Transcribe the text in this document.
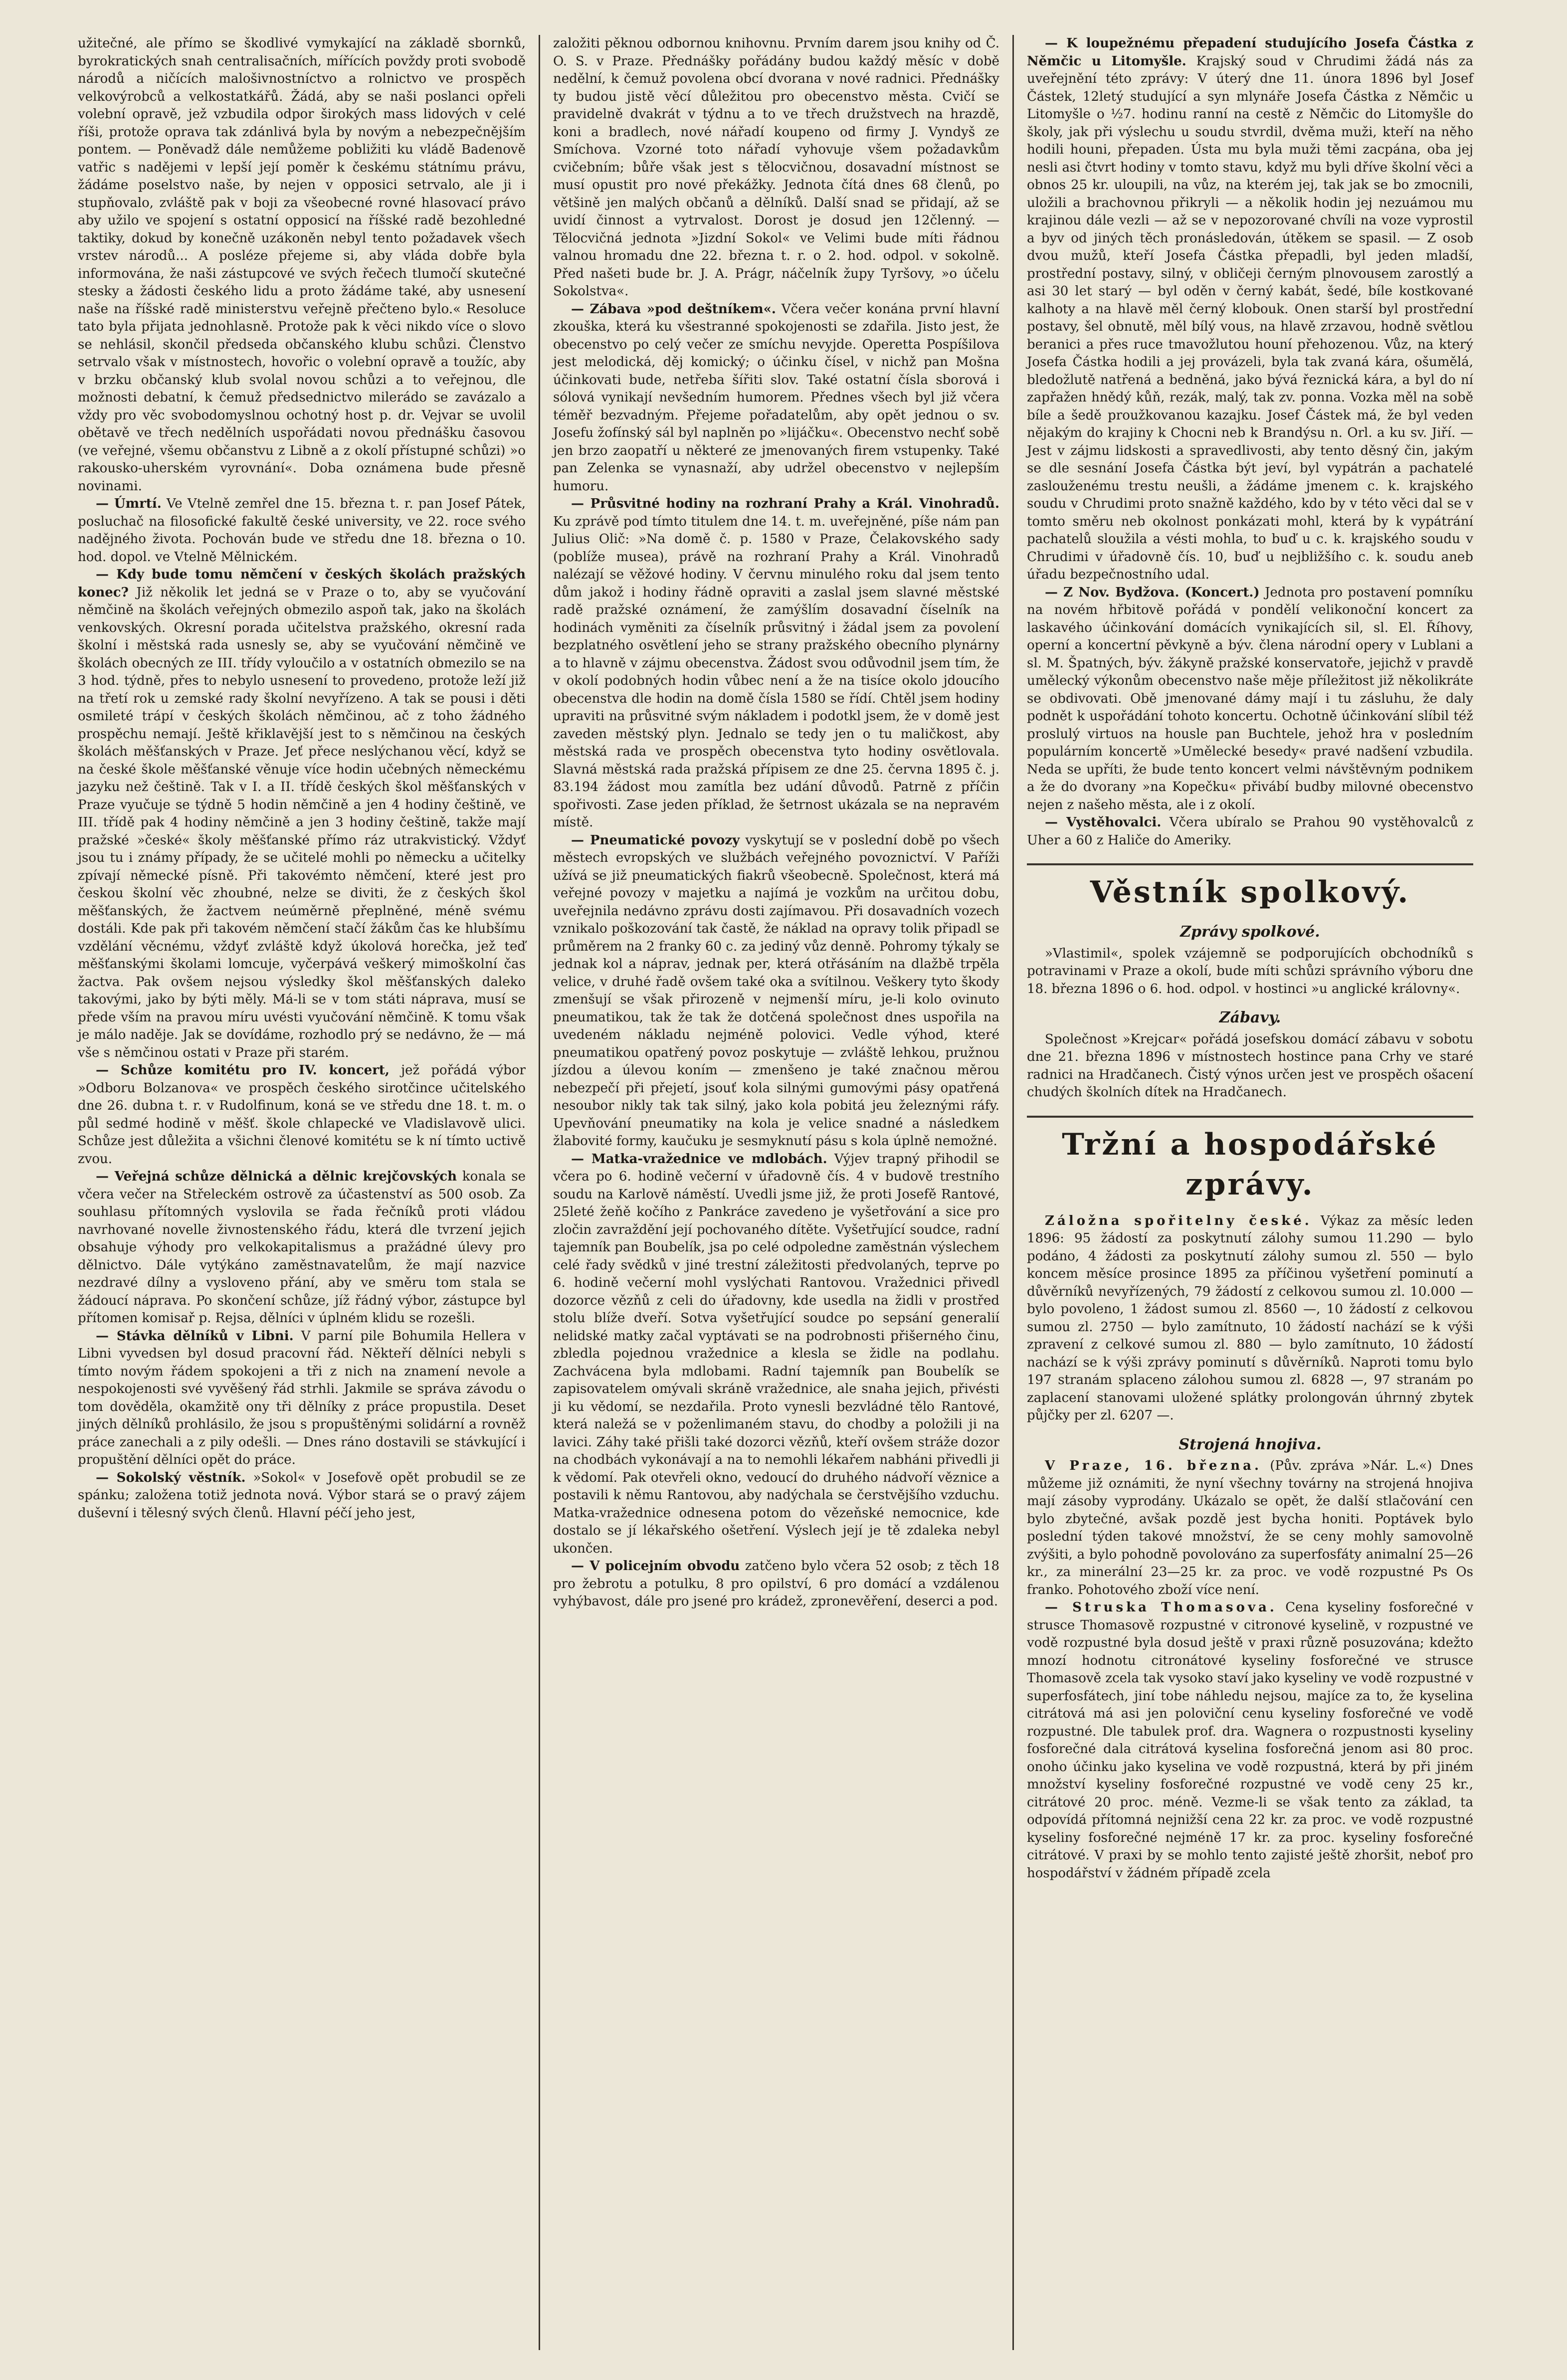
užitečné, ale přímo se škodlivé vymykající na základě sbornků, byrokratických snah centralisačních, mířících povždy proti svobodě národů a ničících malošivnostníctvo a rolnictvo ve prospěch velkovýrobců a velkostatkářů. Žádá, aby se naši poslanci opřeli volební opravě, jež vzbudila odpor širokých mass lidových v celé říši, protože oprava tak zdánlivá byla by novým a nebezpečnějším pontem. — Poněvadž dále nemůžeme pobližiti ku vládě Badenově vatřic s nadějemi v lepší její poměr k českému státnímu právu, žádáme poselstvo naše, by nejen v opposici setrvalo, ale ji i stupňovalo, zvláště pak v boji za všeobecné rovné hlasovací právo aby užilo ve spojení s ostatní opposicí na říšské radě bezohledné taktiky, dokud by konečně uzákoněn nebyl tento požadavek všech vrstev národů... A posléze přejeme si, aby vláda dobře byla informována, že naši zástupcové ve svých řečech tlumočí skutečné stesky a žádosti českého lidu a proto žádáme také, aby usnesení naše na říšské radě ministerstvu veřejně přečteno bylo.« Resoluce tato byla přijata jednohlasně. Protože pak k věci nikdo více o slovo se nehlásil, skončil předseda občanského klubu schůzi. Členstvo setrvalo však v místnostech, hovořic o volební opravě a toužíc, aby v brzku občanský klub svolal novou schůzi a to veřejnou, dle možnosti debatní, k čemuž předsednictvo milerádo se zavázalo a vždy pro věc svobodomyslnou ochotný host p. dr. Vejvar se uvolil obětavě ve třech nedělních uspořádati novou přednášku časovou (ve veřejné, všemu občanstvu z Libně a z okolí přístupné schůzi) »o rakousko-uherském vyrovnání«. Doba oznámena bude přesně novinami.

— Úmrtí. Ve Vtelně zemřel dne 15. března t. r. pan Josef Pátek, posluchač na filosofické fakultě české university, ve 22. roce svého nadějného života. Pochován bude ve středu dne 18. března o 10. hod. dopol. ve Vtelně Mělnickém.

— Kdy bude tomu němčení v českých školách pražských konec? Již několik let jedná se v Praze o to, aby se vyučování němčině na školách veřejných obmezilo aspoň tak, jako na školách venkovských. Okresní porada učitelstva pražského, okresní rada školní i městská rada usnesly se, aby se vyučování němčině ve školách obecných ze III. třídy vyloučilo a v ostatních obmezilo se na 3 hod. týdně, přes to nebylo usnesení to provedeno, protože leží již na třetí rok u zemské rady školní nevyřízeno. A tak se pousi i děti osmileté trápí v českých školách němčinou, ač z toho žádného prospěchu nemají. Ještě křiklavější jest to s němčinou na českých školách měšťanských v Praze. Jeť přece neslýchanou věcí, když se na české škole měšťanské věnuje více hodin učebných německému jazyku než češtině. Tak v I. a II. třídě českých škol měšťanských v Praze vyučuje se týdně 5 hodin němčině a jen 4 hodiny češtině, ve III. třídě pak 4 hodiny němčině a jen 3 hodiny češtině, takže mají pražské »české« školy měšťanské přímo ráz utrakvistický. Vždyť jsou tu i známy případy, že se učitelé mohli po německu a učitelky zpívají německé písně. Při takovémto němčení, které jest pro českou školní věc zhoubné, nelze se diviti, že z českých škol měšťanských, že žactvem neúměrně přeplněné, méně svému dostáli. Kde pak při takovém němčení stačí žákům čas ke hlubšímu vzdělání věcnému, vždyť zvláště když úkolová horečka, jež teď měšťanskými školami lomcuje, vyčerpává veškerý mimoškolní čas žactva. Pak ovšem nejsou výsledky škol měšťanských daleko takovými, jako by býti měly. Má-li se v tom státi náprava, musí se přede vším na pravou míru uvésti vyučování němčině. K tomu však je málo naděje. Jak se dovídáme, rozhodlo prý se nedávno, že — má vše s němčinou ostati v Praze při starém.

— Schůze komitétu pro IV. koncert, jež pořádá výbor »Odboru Bolzanova« ve prospěch českého sirotčince učitelského dne 26. dubna t. r. v Rudolfinum, koná se ve středu dne 18. t. m. o půl sedmé hodině v měšť. škole chlapecké ve Vladislavově ulici. Schůze jest důležita a všichni členové komitétu se k ní tímto uctivě zvou.

— Veřejná schůze dělnická a dělnic krejčovských konala se včera večer na Střeleckém ostrově za účastenství as 500 osob. Za souhlasu přítomných vyslovila se řada řečníků proti vládou navrhované novelle živnostenského řádu, která dle tvrzení jejich obsahuje výhody pro velkokapitalismus a pražádné úlevy pro dělnictvo. Dále vytýkáno zaměstnavatelům, že mají nazvice nezdravé dílny a vysloveno přání, aby ve směru tom stala se žádoucí náprava. Po skončení schůze, jíž řádný výbor, zástupce byl přítomen komisař p. Rejsa, dělníci v úplném klidu se rozešli.

— Stávka dělníků v Libni. V parní pile Bohumila Hellera v Libni vyvedsen byl dosud pracovní řád. Někteří dělníci nebyli s tímto novým řádem spokojeni a tři z nich na znamení nevole a nespokojenosti své vyvěšený řád strhli. Jakmile se správa závodu o tom dověděla, okamžitě ony tři dělníky z práce propustila. Deset jiných dělníků prohlásilo, že jsou s propuštěnými solidární a rovněž práce zanechali a z pily odešli. — Dnes ráno dostavili se stávkující i propuštění dělníci opět do práce.

— Sokolský věstník. »Sokol« v Josefově opět probudil se ze spánku; založena totiž jednota nová. Výbor stará se o pravý zájem duševní i tělesný svých členů. Hlavní péčí jeho jest,

založiti pěknou odbornou knihovnu. Prvním darem jsou knihy od Č. O. S. v Praze. Přednášky pořádány budou každý měsíc v době nedělní, k čemuž povolena obcí dvorana v nové radnici. Přednášky ty budou jistě věcí důležitou pro obecenstvo města. Cvičí se pravidelně dvakrát v týdnu a to ve třech družstvech na hrazdě, koni a bradlech, nové nářadí koupeno od firmy J. Vyndyš ze Smíchova. Vzorné toto nářadí vyhovuje všem požadavkům cvičebním; bůře však jest s tělocvičnou, dosavadní místnost se musí opustit pro nové překážky. Jednota čítá dnes 68 členů, po většině jen malých občanů a dělníků. Další snad se přidají, až se uvidí činnost a vytrvalost. Dorost je dosud jen 12členný. — Tělocvičná jednota »Jizdní Sokol« ve Velimi bude míti řádnou valnou hromadu dne 22. března t. r. o 2. hod. odpol. v sokolně. Před našeti bude br. J. A. Prágr, náčelník župy Tyršovy, »o účelu Sokolstva«.

— Zábava »pod deštníkem«. Včera večer konána první hlavní zkouška, která ku všestranné spokojenosti se zdařila. Jisto jest, že obecenstvo po celý večer ze smíchu nevyjde. Operetta Pospíšilova jest melodická, děj komický; o účinku čísel, v nichž pan Mošna účinkovati bude, netřeba šířiti slov. Také ostatní čísla sborová i sólová vynikají nevšedním humorem. Přednes všech byl již včera téměř bezvadným. Přejeme pořadatelům, aby opět jednou o sv. Josefu žofínský sál byl naplněn po »lijáčku«. Obecenstvo nechť sobě jen brzo zaopatří u některé ze jmenovaných firem vstupenky. Také pan Zelenka se vynasnaží, aby udržel obecenstvo v nejlepším humoru.

— Průsvitné hodiny na rozhraní Prahy a Král. Vinohradů. Ku zprávě pod tímto titulem dne 14. t. m. uveřejněné, píše nám pan Julius Olič: »Na domě č. p. 1580 v Praze, Čelakovského sady (poblíže musea), právě na rozhraní Prahy a Král. Vinohradů nalézají se věžové hodiny. V červnu minulého roku dal jsem tento dům jakož i hodiny řádně opraviti a zaslal jsem slavné městské radě pražské oznámení, že zamýšlím dosavadní číselník na hodinách vyměniti za číselník průsvitný i žádal jsem za povolení bezplatného osvětlení jeho se strany pražského obecního plynárny a to hlavně v zájmu obecenstva. Žádost svou odůvodnil jsem tím, že v okolí podobných hodin vůbec není a že na tisíce okolo jdoucího obecenstva dle hodin na domě čísla 1580 se řídí. Chtěl jsem hodiny upraviti na průsvitné svým nákladem i podotkl jsem, že v domě jest zaveden městský plyn. Jednalo se tedy jen o tu maličkost, aby městská rada ve prospěch obecenstva tyto hodiny osvětlovala. Slavná městská rada pražská přípisem ze dne 25. června 1895 č. j. 83.194 žádost mou zamítla bez udání důvodů. Patrně z příčin spořivosti. Zase jeden příklad, že šetrnost ukázala se na nepravém místě.

— Pneumatické povozy vyskytují se v poslední době po všech městech evropských ve službách veřejného povoznictví. V Paříži užívá se již pneumatických fiakrů všeobecně. Společnost, která má veřejné povozy v majetku a najímá je vozkům na určitou dobu, uveřejnila nedávno zprávu dosti zajímavou. Při dosavadních vozech vznikalo poškozování tak častě, že náklad na opravy tolik připadl se průměrem na 2 franky 60 c. za jediný vůz denně. Pohromy týkaly se jednak kol a náprav, jednak per, která otřásáním na dlažbě trpěla velice, v druhé řadě ovšem také oka a svítilnou. Veškery tyto škody zmenšují se však přirozeně v nejmenší míru, je-li kolo ovinuto pneumatikou, tak že tak že dotčená společnost dnes uspořila na uvedeném nákladu nejméně polovici. Vedle výhod, které pneumatikou opatřený povoz poskytuje — zvláště lehkou, pružnou jízdou a úlevou koním — zmenšeno je také značnou měrou nebezpečí při přejetí, jsouť kola silnými gumovými pásy opatřená nesoubor nikly tak tak silný, jako kola pobitá jeu železnými ráfy. Upevňování pneumatiky na kola je velice snadné a následkem žlabovité formy, kaučuku je sesmyknutí pásu s kola úplně nemožné.

— Matka-vražednice ve mdlobách. Výjev trapný přihodil se včera po 6. hodině večerní v úřadovně čís. 4 v budově trestního soudu na Karlově náměstí. Uvedli jsme již, že proti Josefě Rantové, 25leté žeňě kočího z Pankráce zavedeno je vyšetřování a sice pro zločin zavraždění její pochovaného dítěte. Vyšetřující soudce, radní tajemník pan Boubelík, jsa po celé odpoledne zaměstnán výslechem celé řady svědků v jiné trestní záležitosti předvolaných, teprve po 6. hodině večerní mohl vyslýchati Rantovou. Vražednici přivedl dozorce vězňů z celi do úřadovny, kde usedla na židli v prostřed stolu blíže dveří. Sotva vyšetřující soudce po sepsání generalií nelidské matky začal vyptávati se na podrobnosti přišerného činu, zbledla pojednou vražednice a klesla se židle na podlahu. Zachvácena byla mdlobami. Radní tajemník pan Boubelík se zapisovatelem omývali skráně vražednice, ale snaha jejich, přivésti ji ku vědomí, se nezdařila. Proto vynesli bezvládné tělo Rantové, která naležá se v poženlimaném stavu, do chodby a položili ji na lavici. Záhy také přišli také dozorci vězňů, kteří ovšem stráže dozor na chodbách vykonávají a na to nemohli lékařem nabháni přivedli ji k vědomí. Pak otevřeli okno, vedoucí do druhého nádvoří věznice a postavili k němu Rantovou, aby nadýchala se čerstvějšího vzduchu. Matka-vražednice odnesena potom do vězeňské nemocnice, kde dostalo se jí lékařského ošetření. Výslech její je tě zdaleka nebyl ukončen.

— V policejním obvodu zatčeno bylo včera 52 osob; z těch 18 pro žebrotu a potulku, 8 pro opilství, 6 pro domácí a vzdálenou vyhýbavost, dále pro jsené pro krádež, zpronevěření, deserci a pod.

— K loupežnému přepadení studujícího Josefa Částka z Němčic u Litomyšle. Krajský soud v Chrudimi žádá nás za uveřejnění této zprávy: V úterý dne 11. února 1896 byl Josef Částek, 12letý studující a syn mlynáře Josefa Částka z Němčic u Litomyšle o ½7. hodinu ranní na cestě z Němčic do Litomyšle do školy, jak při výslechu u soudu stvrdil, dvěma muži, kteří na něho hodili houni, přepaden. Ústa mu byla muži těmi zacpána, oba jej nesli asi čtvrt hodiny v tomto stavu, když mu byli dříve školní věci a obnos 25 kr. uloupili, na vůz, na kterém jej, tak jak se bo zmocnili, uložili a brachovnou přikryli — a několik hodin jej nezuámou mu krajinou dále vezli — až se v nepozorované chvíli na voze vyprostil a byv od jiných těch pronásledován, útěkem se spasil. — Z osob dvou mužů, kteří Josefa Částka přepadli, byl jeden mladší, prostřední postavy, silný, v obličeji černým plnovousem zarostlý a asi 30 let starý — byl oděn v černý kabát, šedé, bíle kostkované kalhoty a na hlavě měl černý klobouk. Onen starší byl prostřední postavy, šel obnutě, měl bílý vous, na hlavě zrzavou, hodně světlou beranici a přes ruce tmavožlutou houní přehozenou. Vůz, na který Josefa Částka hodili a jej provázeli, byla tak zvaná kára, ošumělá, bledožlutě natřená a bedněná, jako bývá řeznická kára, a byl do ní zapřažen hnědý kůň, rezák, malý, tak zv. ponna. Vozka měl na sobě bíle a šedě proužkovanou kazajku. Josef Částek má, že byl veden nějakým do krajiny k Chocni neb k Brandýsu n. Orl. a ku sv. Jiří. — Jest v zájmu lidskosti a spravedlivosti, aby tento děsný čin, jakým se dle sesnání Josefa Částka být jeví, byl vypátrán a pachatelé zaslouženému trestu neušli, a žádáme jmenem c. k. krajského soudu v Chrudimi proto snažně každého, kdo by v této věci dal se v tomto směru neb okolnost ponkázati mohl, která by k vypátrání pachatelů sloužila a vésti mohla, to buď u c. k. krajského soudu v Chrudimi v úřadovně čís. 10, buď u nejbližšího c. k. soudu aneb úřadu bezpečnostního udal.

— Z Nov. Bydžova. (Koncert.) Jednota pro postavení pomníku na novém hřbitově pořádá v pondělí velikonoční koncert za laskavého účinkování domácích vynikajících sil, sl. El. Říhovy, operní a koncertní pěvkyně a býv. člena národní opery v Lublani a sl. M. Špatných, býv. žákyně pražské konservatoře, jejichž v pravdě umělecký výkonům obecenstvo naše měje příležitost již několikráte se obdivovati. Obě jmenované dámy mají i tu zásluhu, že daly podnět k uspořádání tohoto koncertu. Ochotně účinkování slíbil též proslulý virtuos na housle pan Buchtele, jehož hra v posledním populárním koncertě »Umělecké besedy« pravé nadšení vzbudila. Neda se upříti, že bude tento koncert velmi návštěvným podnikem a že do dvorany »na Kopečku« přivábí budby milovné obecenstvo nejen z našeho města, ale i z okolí.

— Vystěhovalci. Včera ubíralo se Prahou 90 vystěhovalců z Uher a 60 z Haliče do Ameriky.

Věstník spolkový.
Zprávy spolkové.

»Vlastimil«, spolek vzájemně se podporujících obchodníků s potravinami v Praze a okolí, bude míti schůzi správního výboru dne 18. března 1896 o 6. hod. odpol. v hostinci »u anglické královny«.

Zábavy.

Společnost »Krejcar« pořádá josefskou domácí zábavu v sobotu dne 21. března 1896 v místnostech hostince pana Crhy ve staré radnici na Hradčanech. Čistý výnos určen jest ve prospěch ošacení chudých školních dítek na Hradčanech.

Tržní a hospodářské zprávy.

Záložna spořitelny české. Výkaz za měsíc leden 1896: 95 žádostí za poskytnutí zálohy sumou 11.290 — bylo podáno, 4 žádosti za poskytnutí zálohy sumou zl. 550 — bylo koncem měsíce prosince 1895 za příčinou vyšetření pominutí a důvěrníků nevyřízených, 79 žádostí z celkovou sumou zl. 10.000 — bylo povoleno, 1 žádost sumou zl. 8560 —, 10 žádostí z celkovou sumou zl. 2750 — bylo zamítnuto, 10 žádostí nachází se k výši zpravení z celkové sumou zl. 880 — bylo zamítnuto, 10 žádostí nachází se k výši zprávy pominutí s důvěrníků. Naproti tomu bylo 197 stranám splaceno zálohou sumou zl. 6828 —, 97 stranám po zaplacení stanovami uložené splátky prolongován úhrnný zbytek půjčky per zl. 6207 —.

Strojená hnojiva.

V Praze, 16. března. (Pův. zpráva »Nár. L.«) Dnes můžeme již oznámiti, že nyní všechny továrny na strojená hnojiva mají zásoby vyprodány. Ukázalo se opět, že další stlačování cen bylo zbytečné, avšak pozdě jest bycha honiti. Poptávek bylo poslední týden takové množství, že se ceny mohly samovolně zvýšiti, a bylo pohodně povolováno za superfosfáty animalní 25—26 kr., za minerální 23—25 kr. za proc. ve vodě rozpustné Ps Os franko. Pohotového zboží více není.

— Struska Thomasova. Cena kyseliny fosforečné v strusce Thomasově rozpustné v citronové kyselině, v rozpustné ve vodě rozpustné byla dosud ještě v praxi různě posuzována; kdežto mnozí hodnotu citronátové kyseliny fosforečné ve strusce Thomasově zcela tak vysoko staví jako kyseliny ve vodě rozpustné v superfosfátech, jiní tobe náhledu nejsou, majíce za to, že kyselina citrátová má asi jen poloviční cenu kyseliny fosforečné ve vodě rozpustné. Dle tabulek prof. dra. Wagnera o rozpustnosti kyseliny fosforečné dala citrátová kyselina fosforečná jenom asi 80 proc. onoho účinku jako kyselina ve vodě rozpustná, která by při jiném množství kyseliny fosforečné rozpustné ve vodě ceny 25 kr., citrátové 20 proc. méně. Vezme-li se však tento za základ, ta odpovídá přítomná nejnižší cena 22 kr. za proc. ve vodě rozpustné kyseliny fosforečné nejméně 17 kr. za proc. kyseliny fosforečné citrátové. V praxi by se mohlo tento zajisté ještě zhoršit, neboť pro hospodářství v žádném případě zcela
